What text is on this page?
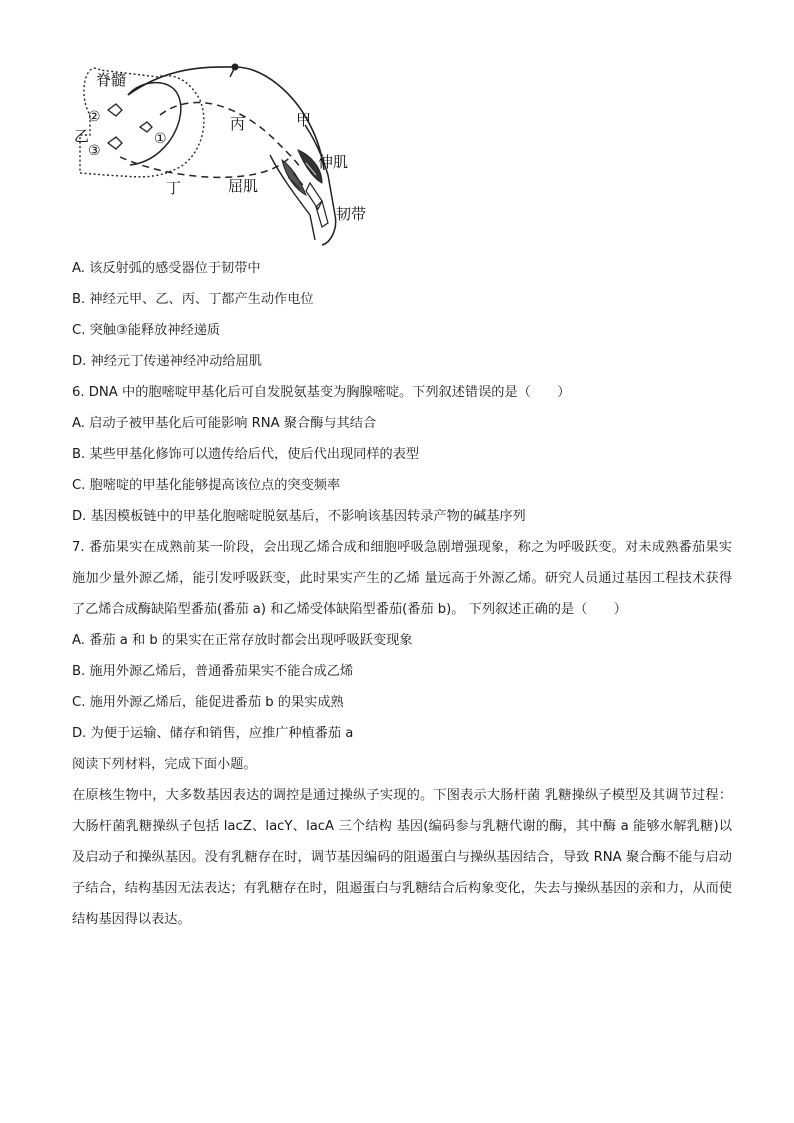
脊髓
②
乙
③
①
丙	甲
丁
伸肌
屈肌
韧带
A. 该反射弧的感受器位于韧带中
B. 神经元甲、乙、丙、丁都产生动作电位
C. 突触③能释放神经递质
D. 神经元丁传递神经冲动给屈肌
6. DNA 中的胞嘧啶甲基化后可自发脱氨基变为胸腺嘧啶。下列叙述错误的是（　　）
A. 启动子被甲基化后可能影响 RNA 聚合酶与其结合
B. 某些甲基化修饰可以遗传给后代，使后代出现同样的表型
C. 胞嘧啶的甲基化能够提高该位点的突变频率
D. 基因模板链中的甲基化胞嘧啶脱氨基后，不影响该基因转录产物的碱基序列
7. 番茄果实在成熟前某一阶段，会出现乙烯合成和细胞呼吸急剧增强现象，称之为呼吸跃变。对未成熟番茄果实施加少量外源乙烯，能引发呼吸跃变，此时果实产生的乙烯 量远高于外源乙烯。研究人员通过基因工程技术获得了乙烯合成酶缺陷型番茄(番茄 a) 和乙烯受体缺陷型番茄(番茄 b)。 下列叙述正确的是（　　）
A. 番茄 a 和 b 的果实在正常存放时都会出现呼吸跃变现象
B. 施用外源乙烯后，普通番茄果实不能合成乙烯
C. 施用外源乙烯后，能促进番茄 b 的果实成熟
D. 为便于运输、储存和销售，应推广种植番茄 a
阅读下列材料，完成下面小题。
在原核生物中，大多数基因表达的调控是通过操纵子实现的。下图表示大肠杆菌 乳糖操纵子模型及其调节过程：大肠杆菌乳糖操纵子包括 lacZ、lacY、lacA 三个结构 基因(编码参与乳糖代谢的酶，其中酶 a 能够水解乳糖)以及启动子和操纵基因。没有乳糖存在时，调节基因编码的阻遏蛋白与操纵基因结合，导致 RNA 聚合酶不能与启动子结合，结构基因无法表达；有乳糖存在时，阻遏蛋白与乳糖结合后构象变化，失去与操纵基因的亲和力，从而使结构基因得以表达。
